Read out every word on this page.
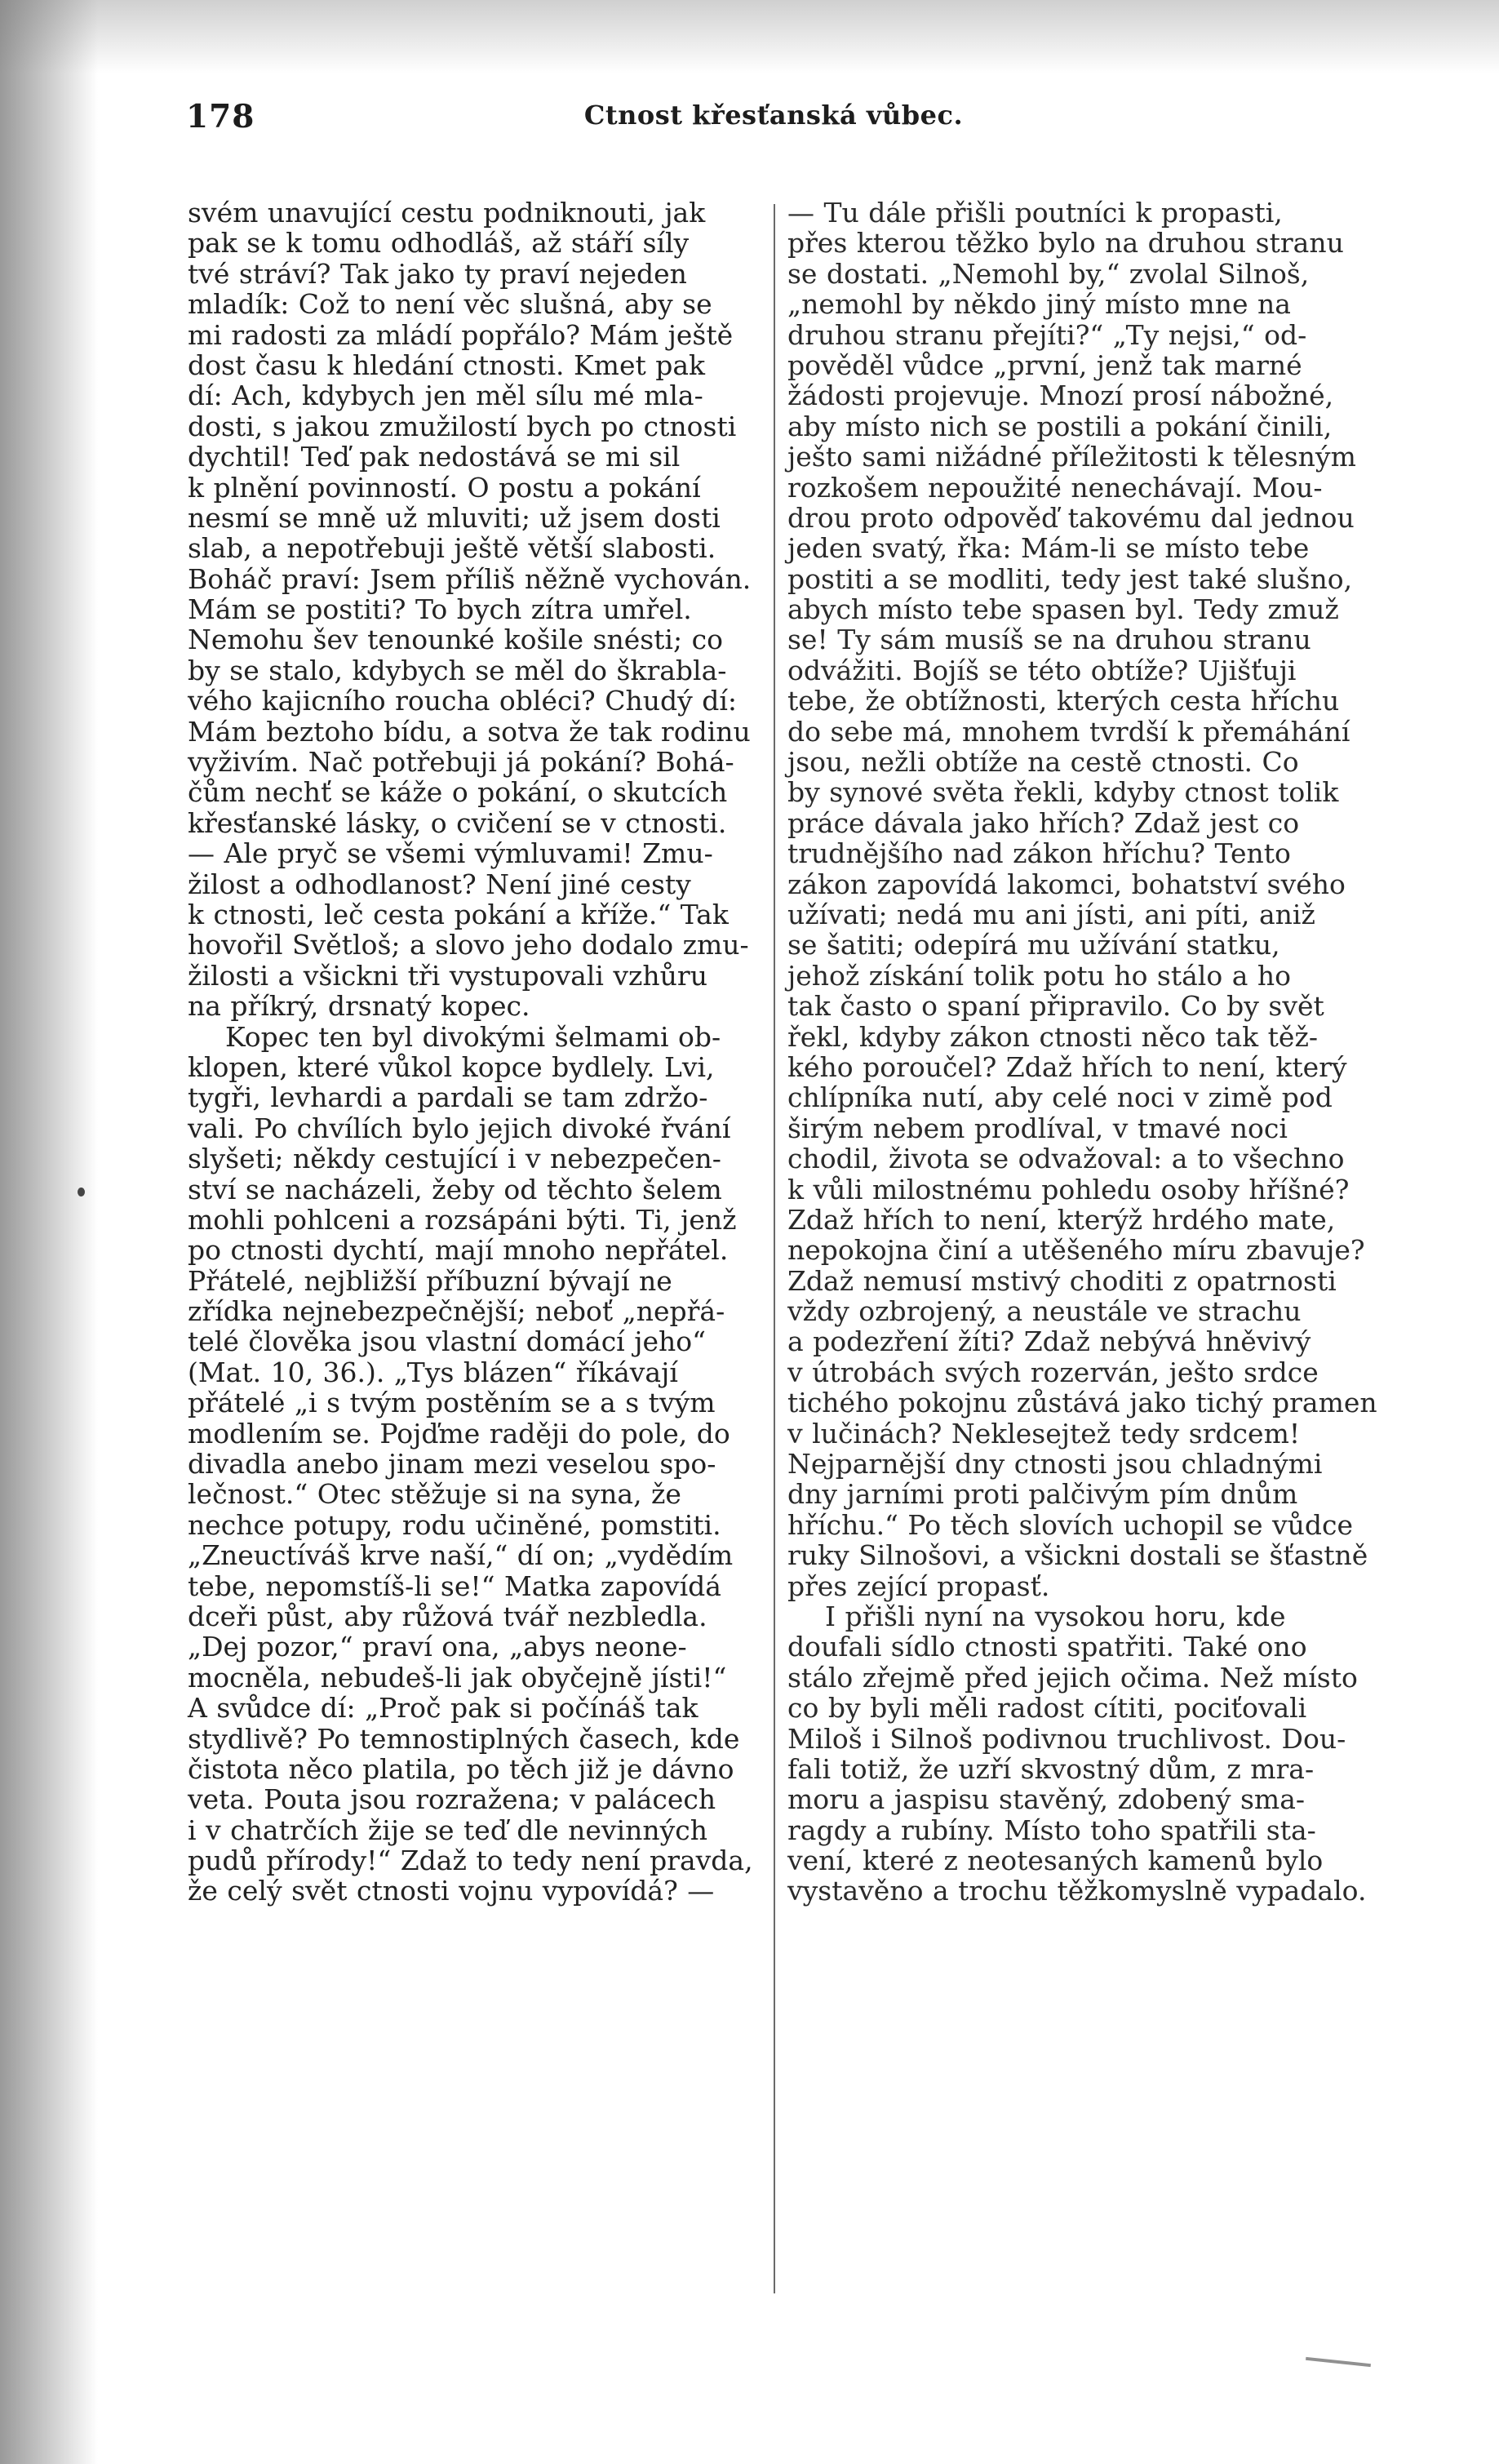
178	Ctnost křesťanská vůbec.
svém unavující cestu podniknouti, jak
pak se k tomu odhodláš, až stáří síly
tvé stráví? Tak jako ty praví nejeden
mladík: Což to není věc slušná, aby se
mi radosti za mládí popřálo? Mám ještě
dost času k hledání ctnosti. Kmet pak
dí: Ach, kdybych jen měl sílu mé mla-
dosti, s jakou zmužilostí bych po ctnosti
dychtil! Teď pak nedostává se mi sil
k plnění povinností. O postu a pokání
nesmí se mně už mluviti; už jsem dosti
slab, a nepotřebuji ještě větší slabosti.
Boháč praví: Jsem příliš něžně vychován.
Mám se postiti? To bych zítra umřel.
Nemohu šev tenounké košile snésti; co
by se stalo, kdybych se měl do škrabla-
vého kajicního roucha obléci? Chudý dí:
Mám beztoho bídu, a sotva že tak rodinu
vyživím. Nač potřebuji já pokání? Bohá-
čům nechť se káže o pokání, o skutcích
křesťanské lásky, o cvičení se v ctnosti.
— Ale pryč se všemi výmluvami! Zmu-
žilost a odhodlanost? Není jiné cesty
k ctnosti, leč cesta pokání a kříže.“ Tak
hovořil Světloš; a slovo jeho dodalo zmu-
žilosti a všickni tři vystupovali vzhůru
na příkrý, drsnatý kopec.
Kopec ten byl divokými šelmami ob-
klopen, které vůkol kopce bydlely. Lvi,
tygři, levhardi a pardali se tam zdržo-
vali. Po chvílích bylo jejich divoké řvání
slyšeti; někdy cestující i v nebezpečen-
ství se nacházeli, žeby od těchto šelem
mohli pohlceni a rozsápáni býti. Ti, jenž
po ctnosti dychtí, mají mnoho nepřátel.
Přátelé, nejbližší příbuzní bývají ne
zřídka nejnebezpečnější; neboť „nepřá-
telé člověka jsou vlastní domácí jeho“
(Mat. 10, 36.). „Tys blázen“ říkávají
přátelé „i s tvým postěním se a s tvým
modlením se. Pojďme raději do pole, do
divadla anebo jinam mezi veselou spo-
lečnost.“ Otec stěžuje si na syna, že
nechce potupy, rodu učiněné, pomstiti.
„Zneuctíváš krve naší,“ dí on; „vydědím
tebe, nepomstíš-li se!“ Matka zapovídá
dceři půst, aby růžová tvář nezbledla.
„Dej pozor,“ praví ona, „abys neone-
mocněla, nebudeš-li jak obyčejně jísti!“
A svůdce dí: „Proč pak si počínáš tak
stydlivě? Po temnostiplných časech, kde
čistota něco platila, po těch již je dávno
veta. Pouta jsou rozražena; v palácech
i v chatrčích žije se teď dle nevinných
pudů přírody!“ Zdaž to tedy není pravda,
že celý svět ctnosti vojnu vypovídá? —
— Tu dále přišli poutníci k propasti,
přes kterou těžko bylo na druhou stranu
se dostati. „Nemohl by,“ zvolal Silnoš,
„nemohl by někdo jiný místo mne na
druhou stranu přejíti?“ „Ty nejsi,“ od-
pověděl vůdce „první, jenž tak marné
žádosti projevuje. Mnozí prosí nábožné,
aby místo nich se postili a pokání činili,
ješto sami nižádné příležitosti k tělesným
rozkošem nepoužité nenechávají. Mou-
drou proto odpověď takovému dal jednou
jeden svatý, řka: Mám-li se místo tebe
postiti a se modliti, tedy jest také slušno,
abych místo tebe spasen byl. Tedy zmuž
se! Ty sám musíš se na druhou stranu
odvážiti. Bojíš se této obtíže? Ujišťuji
tebe, že obtížnosti, kterých cesta hříchu
do sebe má, mnohem tvrdší k přemáhání
jsou, nežli obtíže na cestě ctnosti. Co
by synové světa řekli, kdyby ctnost tolik
práce dávala jako hřích? Zdaž jest co
trudnějšího nad zákon hříchu? Tento
zákon zapovídá lakomci, bohatství svého
užívati; nedá mu ani jísti, ani píti, aniž
se šatiti; odepírá mu užívání statku,
jehož získání tolik potu ho stálo a ho
tak často o spaní připravilo. Co by svět
řekl, kdyby zákon ctnosti něco tak těž-
kého poroučel? Zdaž hřích to není, který
chlípníka nutí, aby celé noci v zimě pod
širým nebem prodlíval, v tmavé noci
chodil, života se odvažoval: a to všechno
k vůli milostnému pohledu osoby hříšné?
Zdaž hřích to není, kterýž hrdého mate,
nepokojna činí a utěšeného míru zbavuje?
Zdaž nemusí mstivý choditi z opatrnosti
vždy ozbrojený, a neustále ve strachu
a podezření žíti? Zdaž nebývá hněvivý
v útrobách svých rozerván, ješto srdce
tichého pokojnu zůstává jako tichý pramen
v lučinách? Neklesejtež tedy srdcem!
Nejparnější dny ctnosti jsou chladnými
dny jarními proti palčivým pím dnům
hříchu.“ Po těch slovích uchopil se vůdce
ruky Silnošovi, a všickni dostali se šťastně
přes zející propasť.
I přišli nyní na vysokou horu, kde
doufali sídlo ctnosti spatřiti. Také ono
stálo zřejmě před jejich očima. Než místo
co by byli měli radost cítiti, pociťovali
Miloš i Silnoš podivnou truchlivost. Dou-
fali totiž, že uzří skvostný dům, z mra-
moru a jaspisu stavěný, zdobený sma-
ragdy a rubíny. Místo toho spatřili sta-
vení, které z neotesaných kamenů bylo
vystavěno a trochu těžkomyslně vypadalo.
